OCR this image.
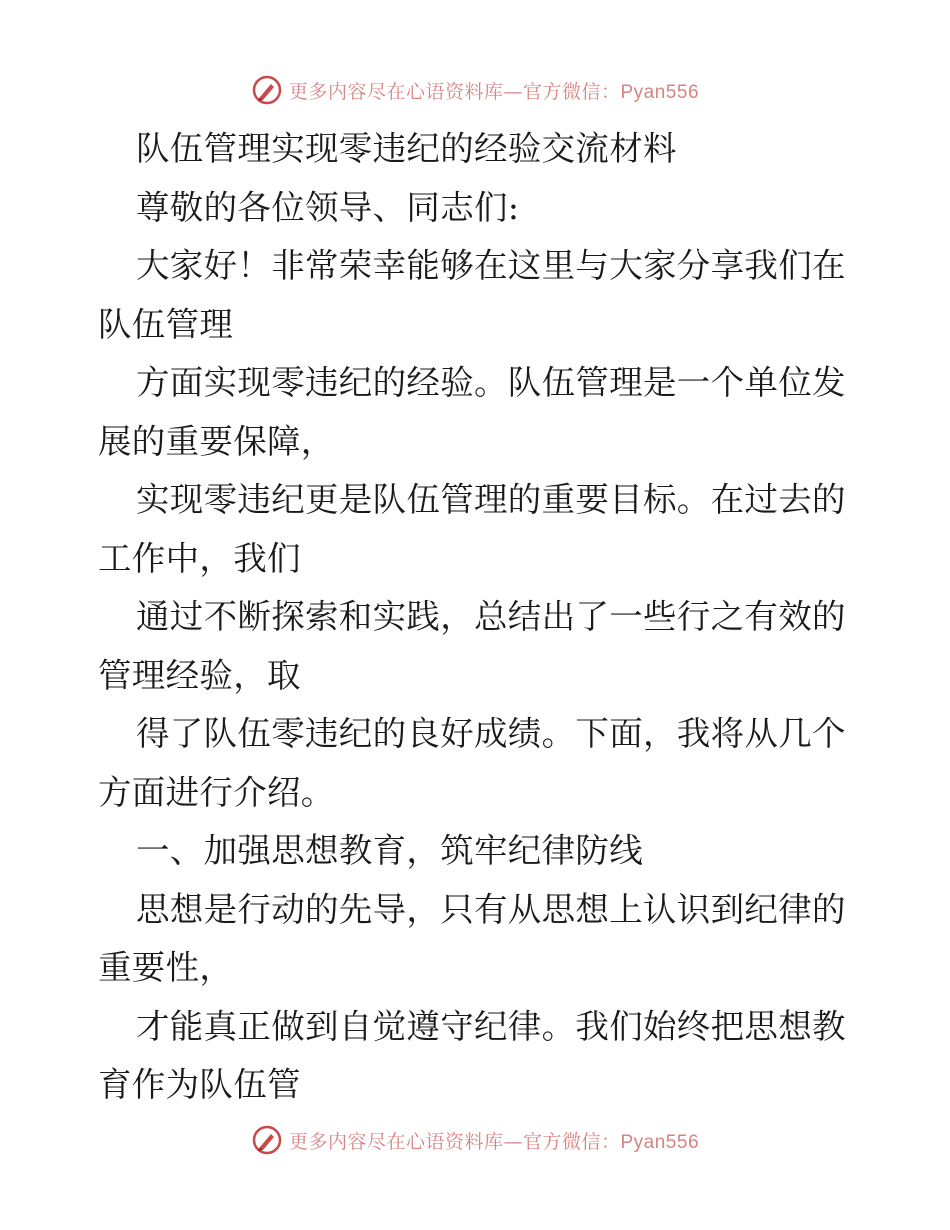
更多内容尽在心语资料库—官方微信：Pyan556
队伍管理实现零违纪的经验交流材料
尊敬的各位领导、同志们:
大家好！非常荣幸能够在这里与大家分享我们在
队伍管理
方面实现零违纪的经验。队伍管理是一个单位发
展的重要保障，
实现零违纪更是队伍管理的重要目标。在过去的
工作中，我们
通过不断探索和实践，总结出了一些行之有效的
管理经验，取
得了队伍零违纪的良好成绩。下面，我将从几个
方面进行介绍。
一、加强思想教育，筑牢纪律防线
思想是行动的先导，只有从思想上认识到纪律的
重要性，
才能真正做到自觉遵守纪律。我们始终把思想教
育作为队伍管
更多内容尽在心语资料库—官方微信：Pyan556
